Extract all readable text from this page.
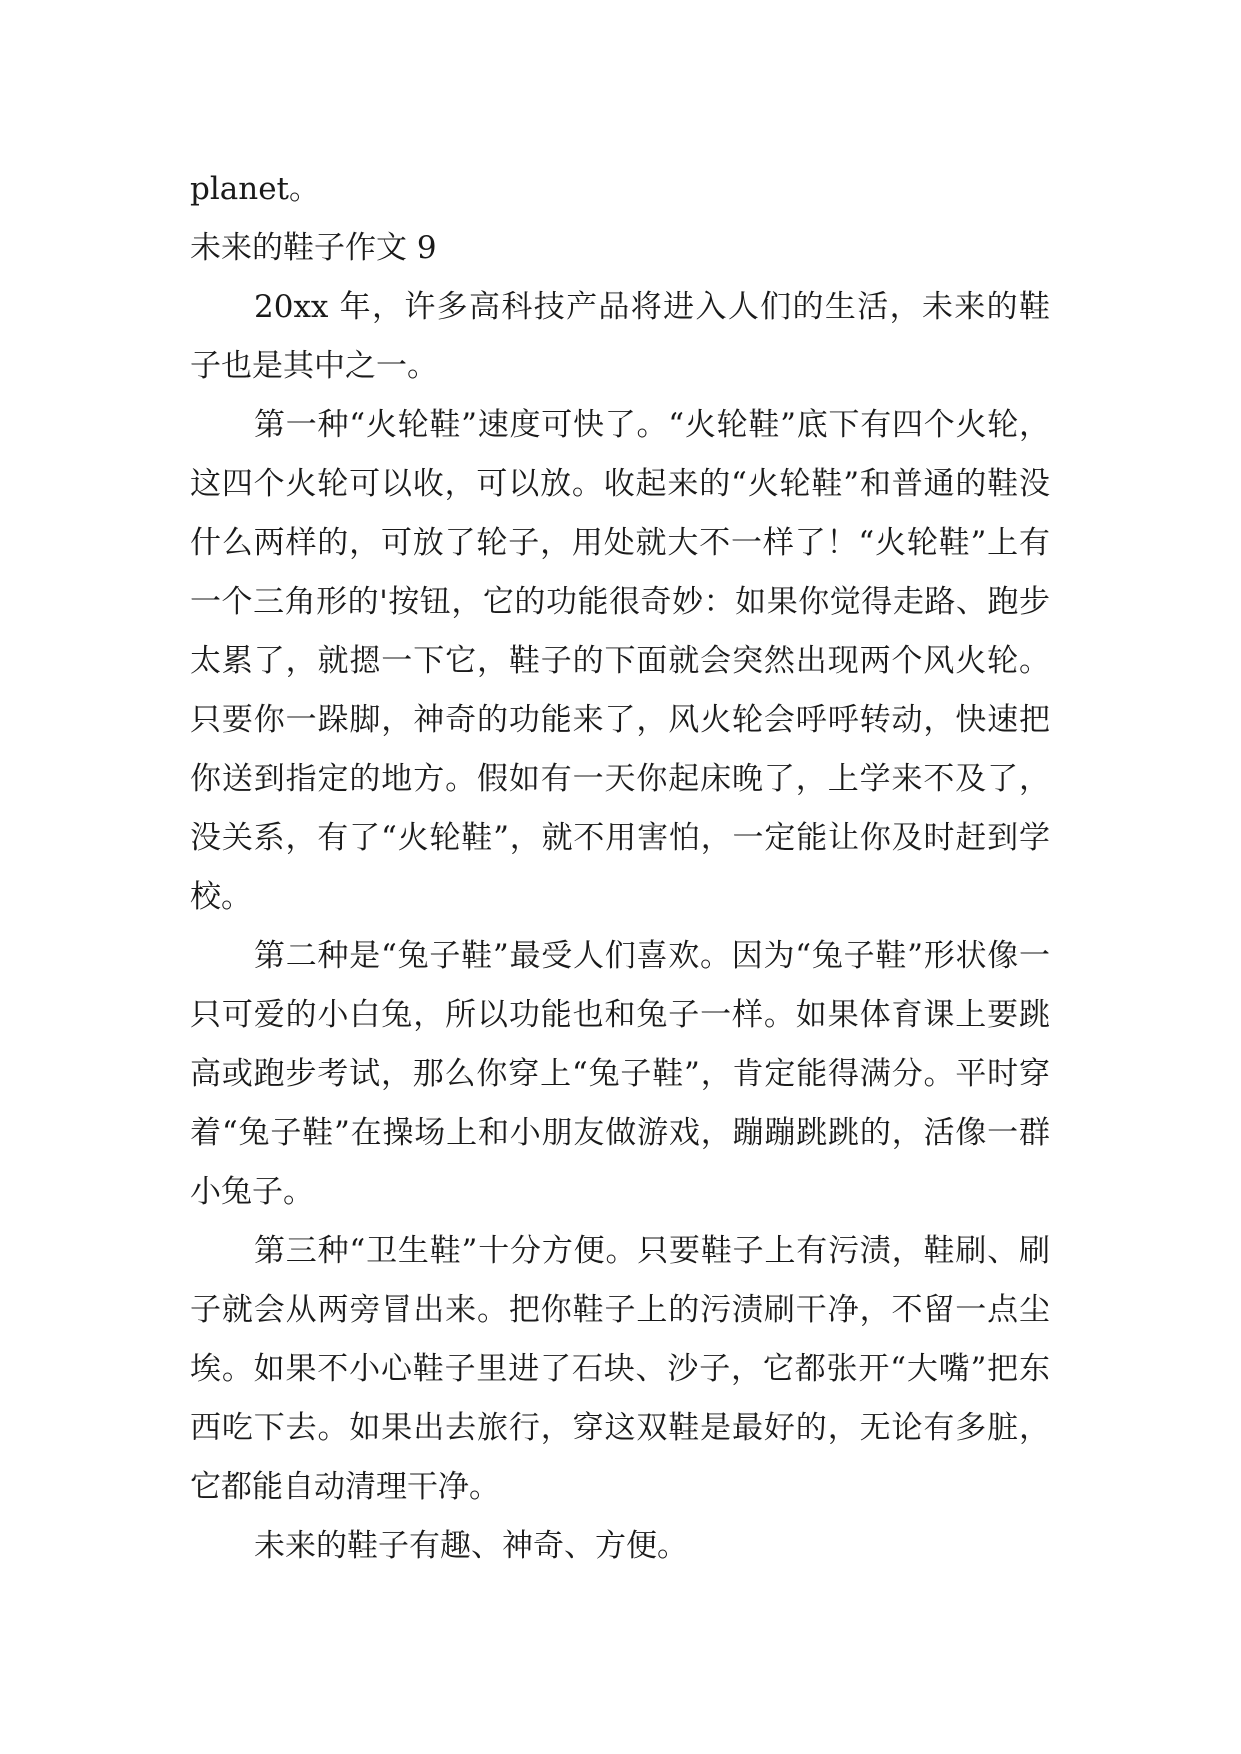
planet。

未来的鞋子作文 9

20xx 年，许多高科技产品将进入人们的生活，未来的鞋子也是其中之一。

第一种“火轮鞋”速度可快了。“火轮鞋”底下有四个火轮，这四个火轮可以收，可以放。收起来的“火轮鞋”和普通的鞋没什么两样的，可放了轮子，用处就大不一样了！“火轮鞋”上有一个三角形的'按钮，它的功能很奇妙：如果你觉得走路、跑步太累了，就摁一下它，鞋子的下面就会突然出现两个风火轮。只要你一跺脚，神奇的功能来了，风火轮会呼呼转动，快速把你送到指定的地方。假如有一天你起床晚了，上学来不及了，没关系，有了“火轮鞋”，就不用害怕，一定能让你及时赶到学校。

第二种是“兔子鞋”最受人们喜欢。因为“兔子鞋”形状像一只可爱的小白兔，所以功能也和兔子一样。如果体育课上要跳高或跑步考试，那么你穿上“兔子鞋”，肯定能得满分。平时穿着“兔子鞋”在操场上和小朋友做游戏，蹦蹦跳跳的，活像一群小兔子。

第三种“卫生鞋”十分方便。只要鞋子上有污渍，鞋刷、刷子就会从两旁冒出来。把你鞋子上的污渍刷干净，不留一点尘埃。如果不小心鞋子里进了石块、沙子，它都张开“大嘴”把东西吃下去。如果出去旅行，穿这双鞋是最好的，无论有多脏，它都能自动清理干净。

未来的鞋子有趣、神奇、方便。
